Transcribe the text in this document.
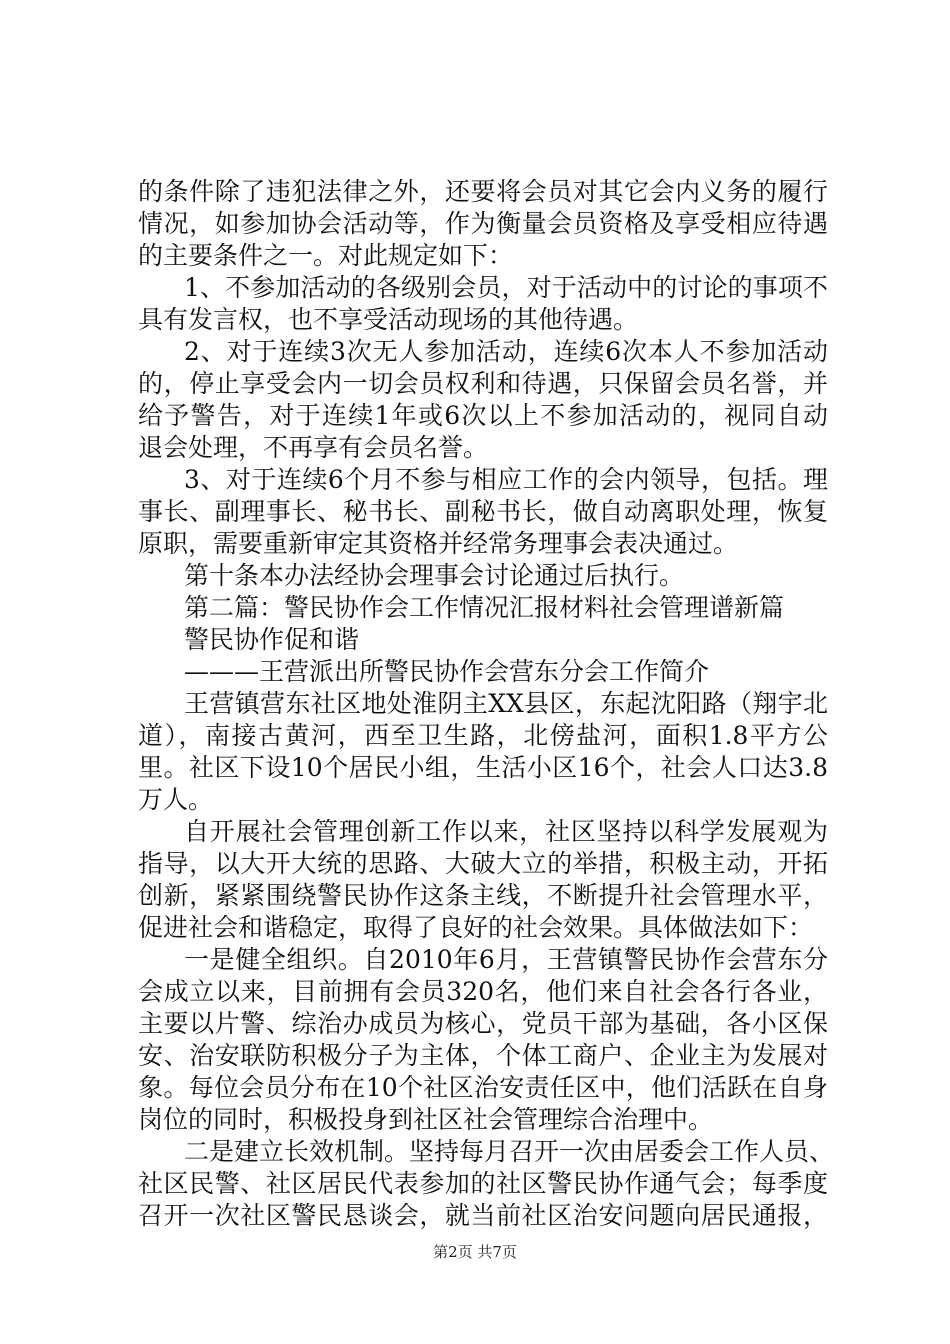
的条件除了违犯法律之外，还要将会员对其它会内义务的履行
情况，如参加协会活动等，作为衡量会员资格及享受相应待遇
的主要条件之一。对此规定如下：
1、不参加活动的各级别会员，对于活动中的讨论的事项不
具有发言权，也不享受活动现场的其他待遇。
2、对于连续3次无人参加活动，连续6次本人不参加活动
的，停止享受会内一切会员权利和待遇，只保留会员名誉，并
给予警告，对于连续1年或6次以上不参加活动的，视同自动
退会处理，不再享有会员名誉。
3、对于连续6个月不参与相应工作的会内领导，包括。理
事长、副理事长、秘书长、副秘书长，做自动离职处理，恢复
原职，需要重新审定其资格并经常务理事会表决通过。
第十条本办法经协会理事会讨论通过后执行。
第二篇：警民协作会工作情况汇报材料社会管理谱新篇
警民协作促和谐
———王营派出所警民协作会营东分会工作简介
王营镇营东社区地处淮阴主XX县区，东起沈阳路（翔宇北
道），南接古黄河，西至卫生路，北傍盐河，面积1.8平方公
里。社区下设10个居民小组，生活小区16个，社会人口达3.8
万人。
自开展社会管理创新工作以来，社区坚持以科学发展观为
指导，以大开大统的思路、大破大立的举措，积极主动，开拓
创新，紧紧围绕警民协作这条主线，不断提升社会管理水平，
促进社会和谐稳定，取得了良好的社会效果。具体做法如下：
一是健全组织。自2010年6月，王营镇警民协作会营东分
会成立以来，目前拥有会员320名，他们来自社会各行各业，
主要以片警、综治办成员为核心，党员干部为基础，各小区保
安、治安联防积极分子为主体，个体工商户、企业主为发展对
象。每位会员分布在10个社区治安责任区中，他们活跃在自身
岗位的同时，积极投身到社区社会管理综合治理中。
二是建立长效机制。坚持每月召开一次由居委会工作人员、
社区民警、社区居民代表参加的社区警民协作通气会；每季度
召开一次社区警民恳谈会，就当前社区治安问题向居民通报，
第2页 共7页
